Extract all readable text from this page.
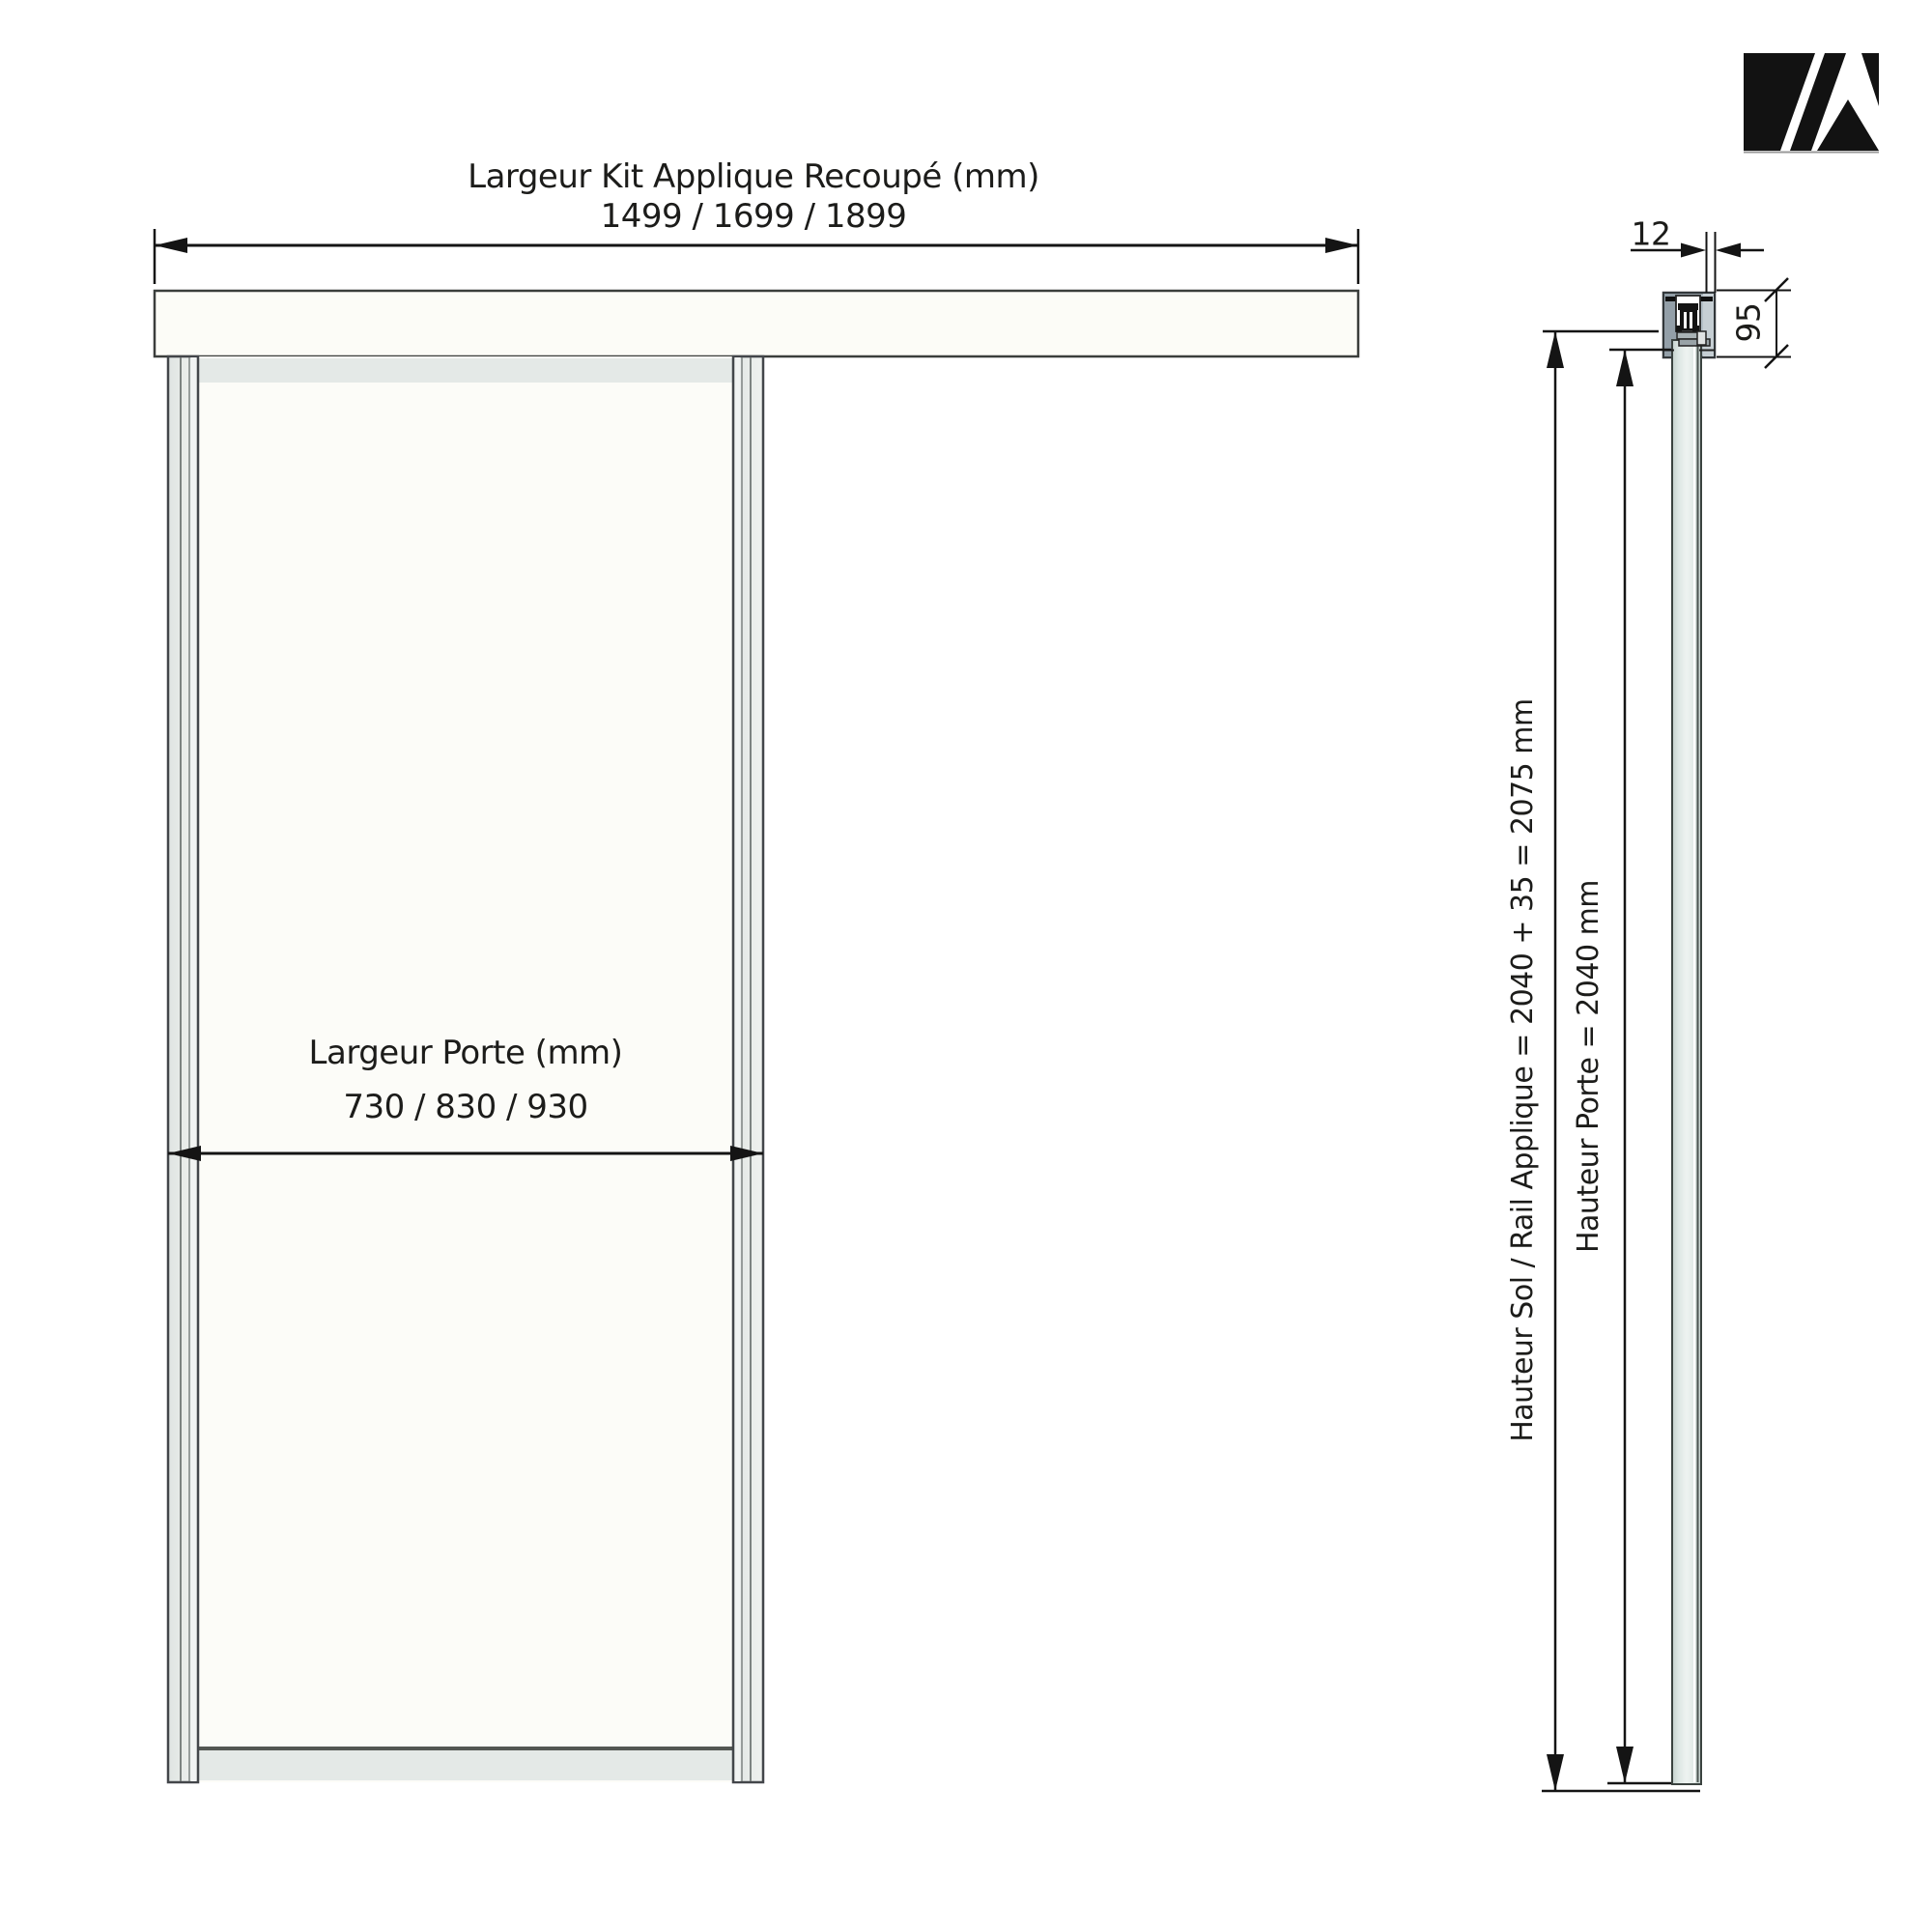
Largeur Kit Applique Recoupé (mm)
1499 / 1699 / 1899
Largeur Porte (mm)
730 / 830 / 930
12
95
Hauteur Sol / Rail Applique = 2040 + 35 = 2075 mm Hauteur Porte = 2040 mm
